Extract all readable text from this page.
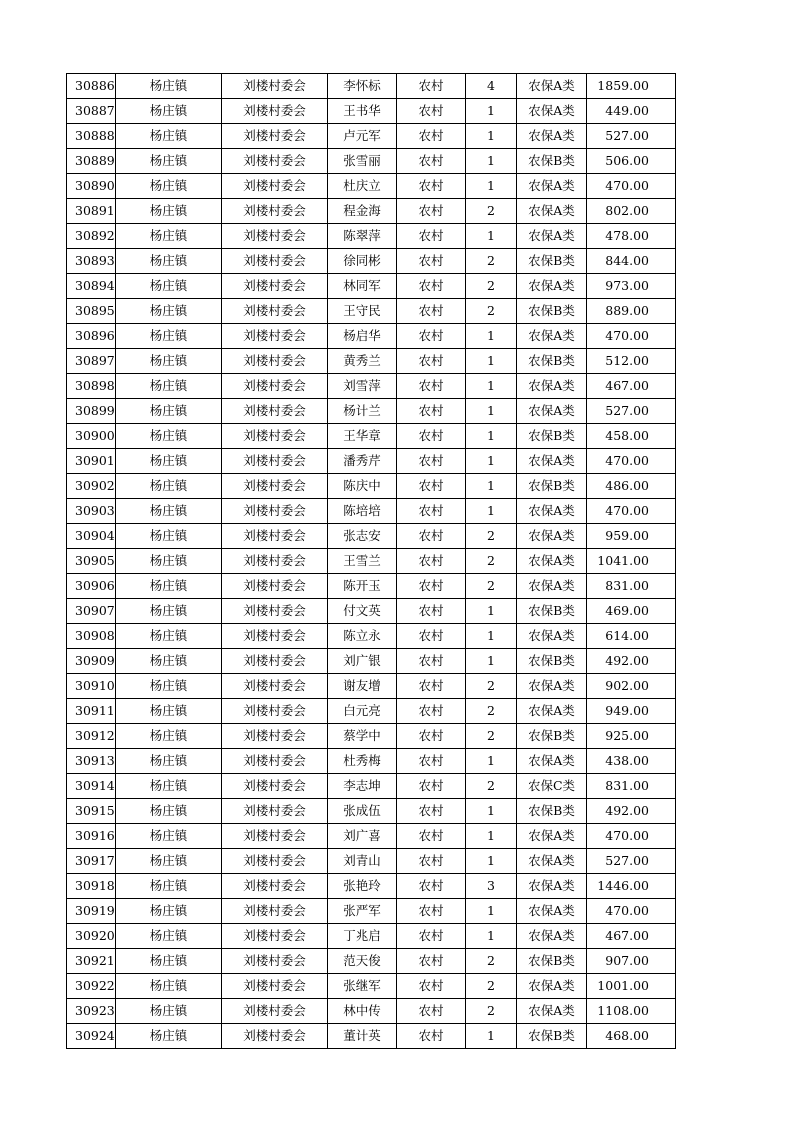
30886	杨庄镇	刘楼村委会	李怀标	农村	4	农保A类	1859.00
30887	杨庄镇	刘楼村委会	王书华	农村	1	农保A类	449.00
30888	杨庄镇	刘楼村委会	卢元军	农村	1	农保A类	527.00
30889	杨庄镇	刘楼村委会	张雪丽	农村	1	农保B类	506.00
30890	杨庄镇	刘楼村委会	杜庆立	农村	1	农保A类	470.00
30891	杨庄镇	刘楼村委会	程金海	农村	2	农保A类	802.00
30892	杨庄镇	刘楼村委会	陈翠萍	农村	1	农保A类	478.00
30893	杨庄镇	刘楼村委会	徐同彬	农村	2	农保B类	844.00
30894	杨庄镇	刘楼村委会	林同军	农村	2	农保A类	973.00
30895	杨庄镇	刘楼村委会	王守民	农村	2	农保B类	889.00
30896	杨庄镇	刘楼村委会	杨启华	农村	1	农保A类	470.00
30897	杨庄镇	刘楼村委会	黄秀兰	农村	1	农保B类	512.00
30898	杨庄镇	刘楼村委会	刘雪萍	农村	1	农保A类	467.00
30899	杨庄镇	刘楼村委会	杨计兰	农村	1	农保A类	527.00
30900	杨庄镇	刘楼村委会	王华章	农村	1	农保B类	458.00
30901	杨庄镇	刘楼村委会	潘秀芹	农村	1	农保A类	470.00
30902	杨庄镇	刘楼村委会	陈庆中	农村	1	农保B类	486.00
30903	杨庄镇	刘楼村委会	陈培培	农村	1	农保A类	470.00
30904	杨庄镇	刘楼村委会	张志安	农村	2	农保A类	959.00
30905	杨庄镇	刘楼村委会	王雪兰	农村	2	农保A类	1041.00
30906	杨庄镇	刘楼村委会	陈开玉	农村	2	农保A类	831.00
30907	杨庄镇	刘楼村委会	付文英	农村	1	农保B类	469.00
30908	杨庄镇	刘楼村委会	陈立永	农村	1	农保A类	614.00
30909	杨庄镇	刘楼村委会	刘广银	农村	1	农保B类	492.00
30910	杨庄镇	刘楼村委会	谢友增	农村	2	农保A类	902.00
30911	杨庄镇	刘楼村委会	白元亮	农村	2	农保A类	949.00
30912	杨庄镇	刘楼村委会	蔡学中	农村	2	农保B类	925.00
30913	杨庄镇	刘楼村委会	杜秀梅	农村	1	农保A类	438.00
30914	杨庄镇	刘楼村委会	李志坤	农村	2	农保C类	831.00
30915	杨庄镇	刘楼村委会	张成伍	农村	1	农保B类	492.00
30916	杨庄镇	刘楼村委会	刘广喜	农村	1	农保A类	470.00
30917	杨庄镇	刘楼村委会	刘青山	农村	1	农保A类	527.00
30918	杨庄镇	刘楼村委会	张艳玲	农村	3	农保A类	1446.00
30919	杨庄镇	刘楼村委会	张严军	农村	1	农保A类	470.00
30920	杨庄镇	刘楼村委会	丁兆启	农村	1	农保A类	467.00
30921	杨庄镇	刘楼村委会	范天俊	农村	2	农保B类	907.00
30922	杨庄镇	刘楼村委会	张继军	农村	2	农保A类	1001.00
30923	杨庄镇	刘楼村委会	林中传	农村	2	农保A类	1108.00
30924	杨庄镇	刘楼村委会	董计英	农村	1	农保B类	468.00
